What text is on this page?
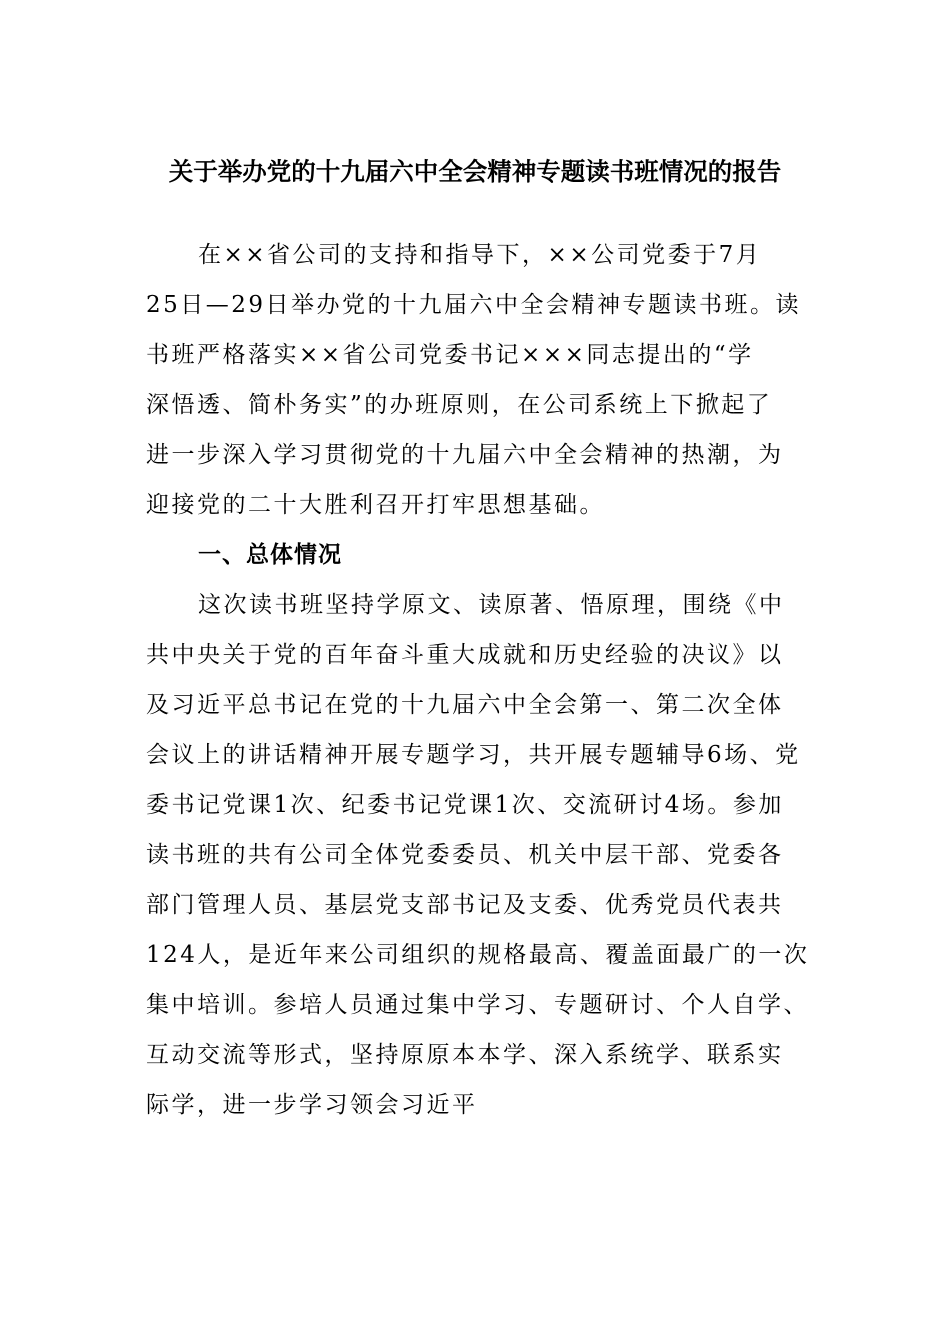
关于举办党的十九届六中全会精神专题读书班情况的报告
在××省公司的支持和指导下，××公司党委于7月
25日—29日举办党的十九届六中全会精神专题读书班。读
书班严格落实××省公司党委书记×××同志提出的“学
深悟透、简朴务实”的办班原则，在公司系统上下掀起了
进一步深入学习贯彻党的十九届六中全会精神的热潮，为
迎接党的二十大胜利召开打牢思想基础。
一、总体情况
这次读书班坚持学原文、读原著、悟原理，围绕《中
共中央关于党的百年奋斗重大成就和历史经验的决议》以
及习近平总书记在党的十九届六中全会第一、第二次全体
会议上的讲话精神开展专题学习，共开展专题辅导6场、党
委书记党课1次、纪委书记党课1次、交流研讨4场。参加
读书班的共有公司全体党委委员、机关中层干部、党委各
部门管理人员、基层党支部书记及支委、优秀党员代表共
124人，是近年来公司组织的规格最高、覆盖面最广的一次
集中培训。参培人员通过集中学习、专题研讨、个人自学、
互动交流等形式，坚持原原本本学、深入系统学、联系实
际学，进一步学习领会习近平
